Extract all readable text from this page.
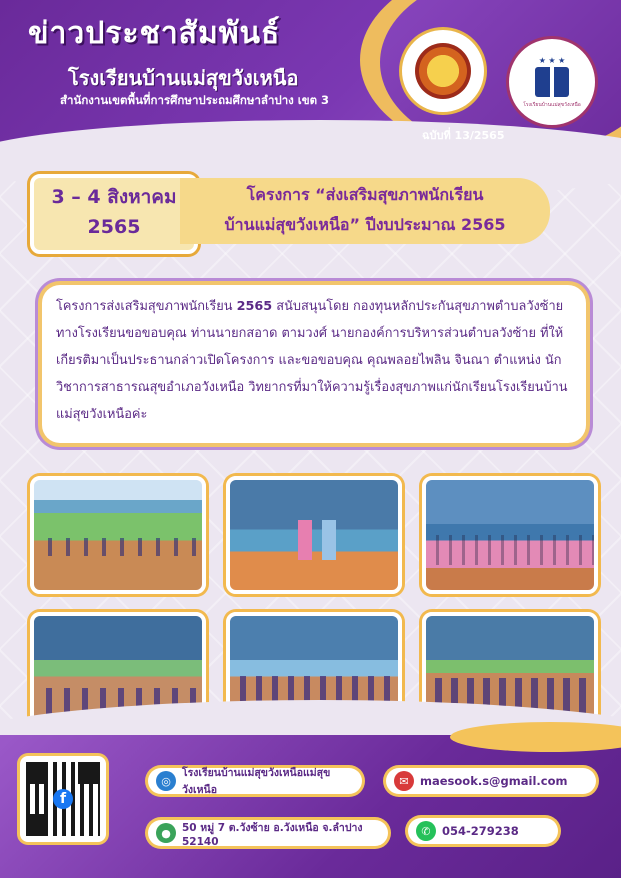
ข่าวประชาสัมพันธ์
โรงเรียนบ้านแม่สุขวังเหนือ
สำนักงานเขตพื้นที่การศึกษาประถมศึกษาลำปาง เขต 3
★ ★ ★
โรงเรียนบ้านแม่สุขวังเหนือ
ฉบับที่ 13/2565
3 – 4 สิงหาคม 2565
โครงการ “ส่งเสริมสุขภาพนักเรียน
บ้านแม่สุขวังเหนือ” ปีงบประมาณ 2565
โครงการส่งเสริมสุขภาพนักเรียน 2565 สนับสนุนโดย กองทุนหลักประกันสุขภาพตำบลวังซ้าย ทางโรงเรียนขอขอบคุณ ท่านนายกสอาด ตามวงศ์ นายกองค์การบริหารส่วนตำบลวังซ้าย ที่ให้เกียรติมาเป็นประธานกล่าวเปิดโครงการ และขอขอบคุณ คุณพลอยไพลิน จินณา ตำแหน่ง นักวิชาการสาธารณสุขอำเภอวังเหนือ วิทยากรที่มาให้ความรู้เรื่องสุขภาพแก่นักเรียนโรงเรียนบ้านแม่สุขวังเหนือค่ะ
f
◎
โรงเรียนบ้านแม่สุขวังเหนือแม่สุขวังเหนือ
●	50 หมู่ 7 ต.วังซ้าย อ.วังเหนือ จ.ลำปาง 52140
✉ maesook.s@gmail.com
✆ 054-279238
